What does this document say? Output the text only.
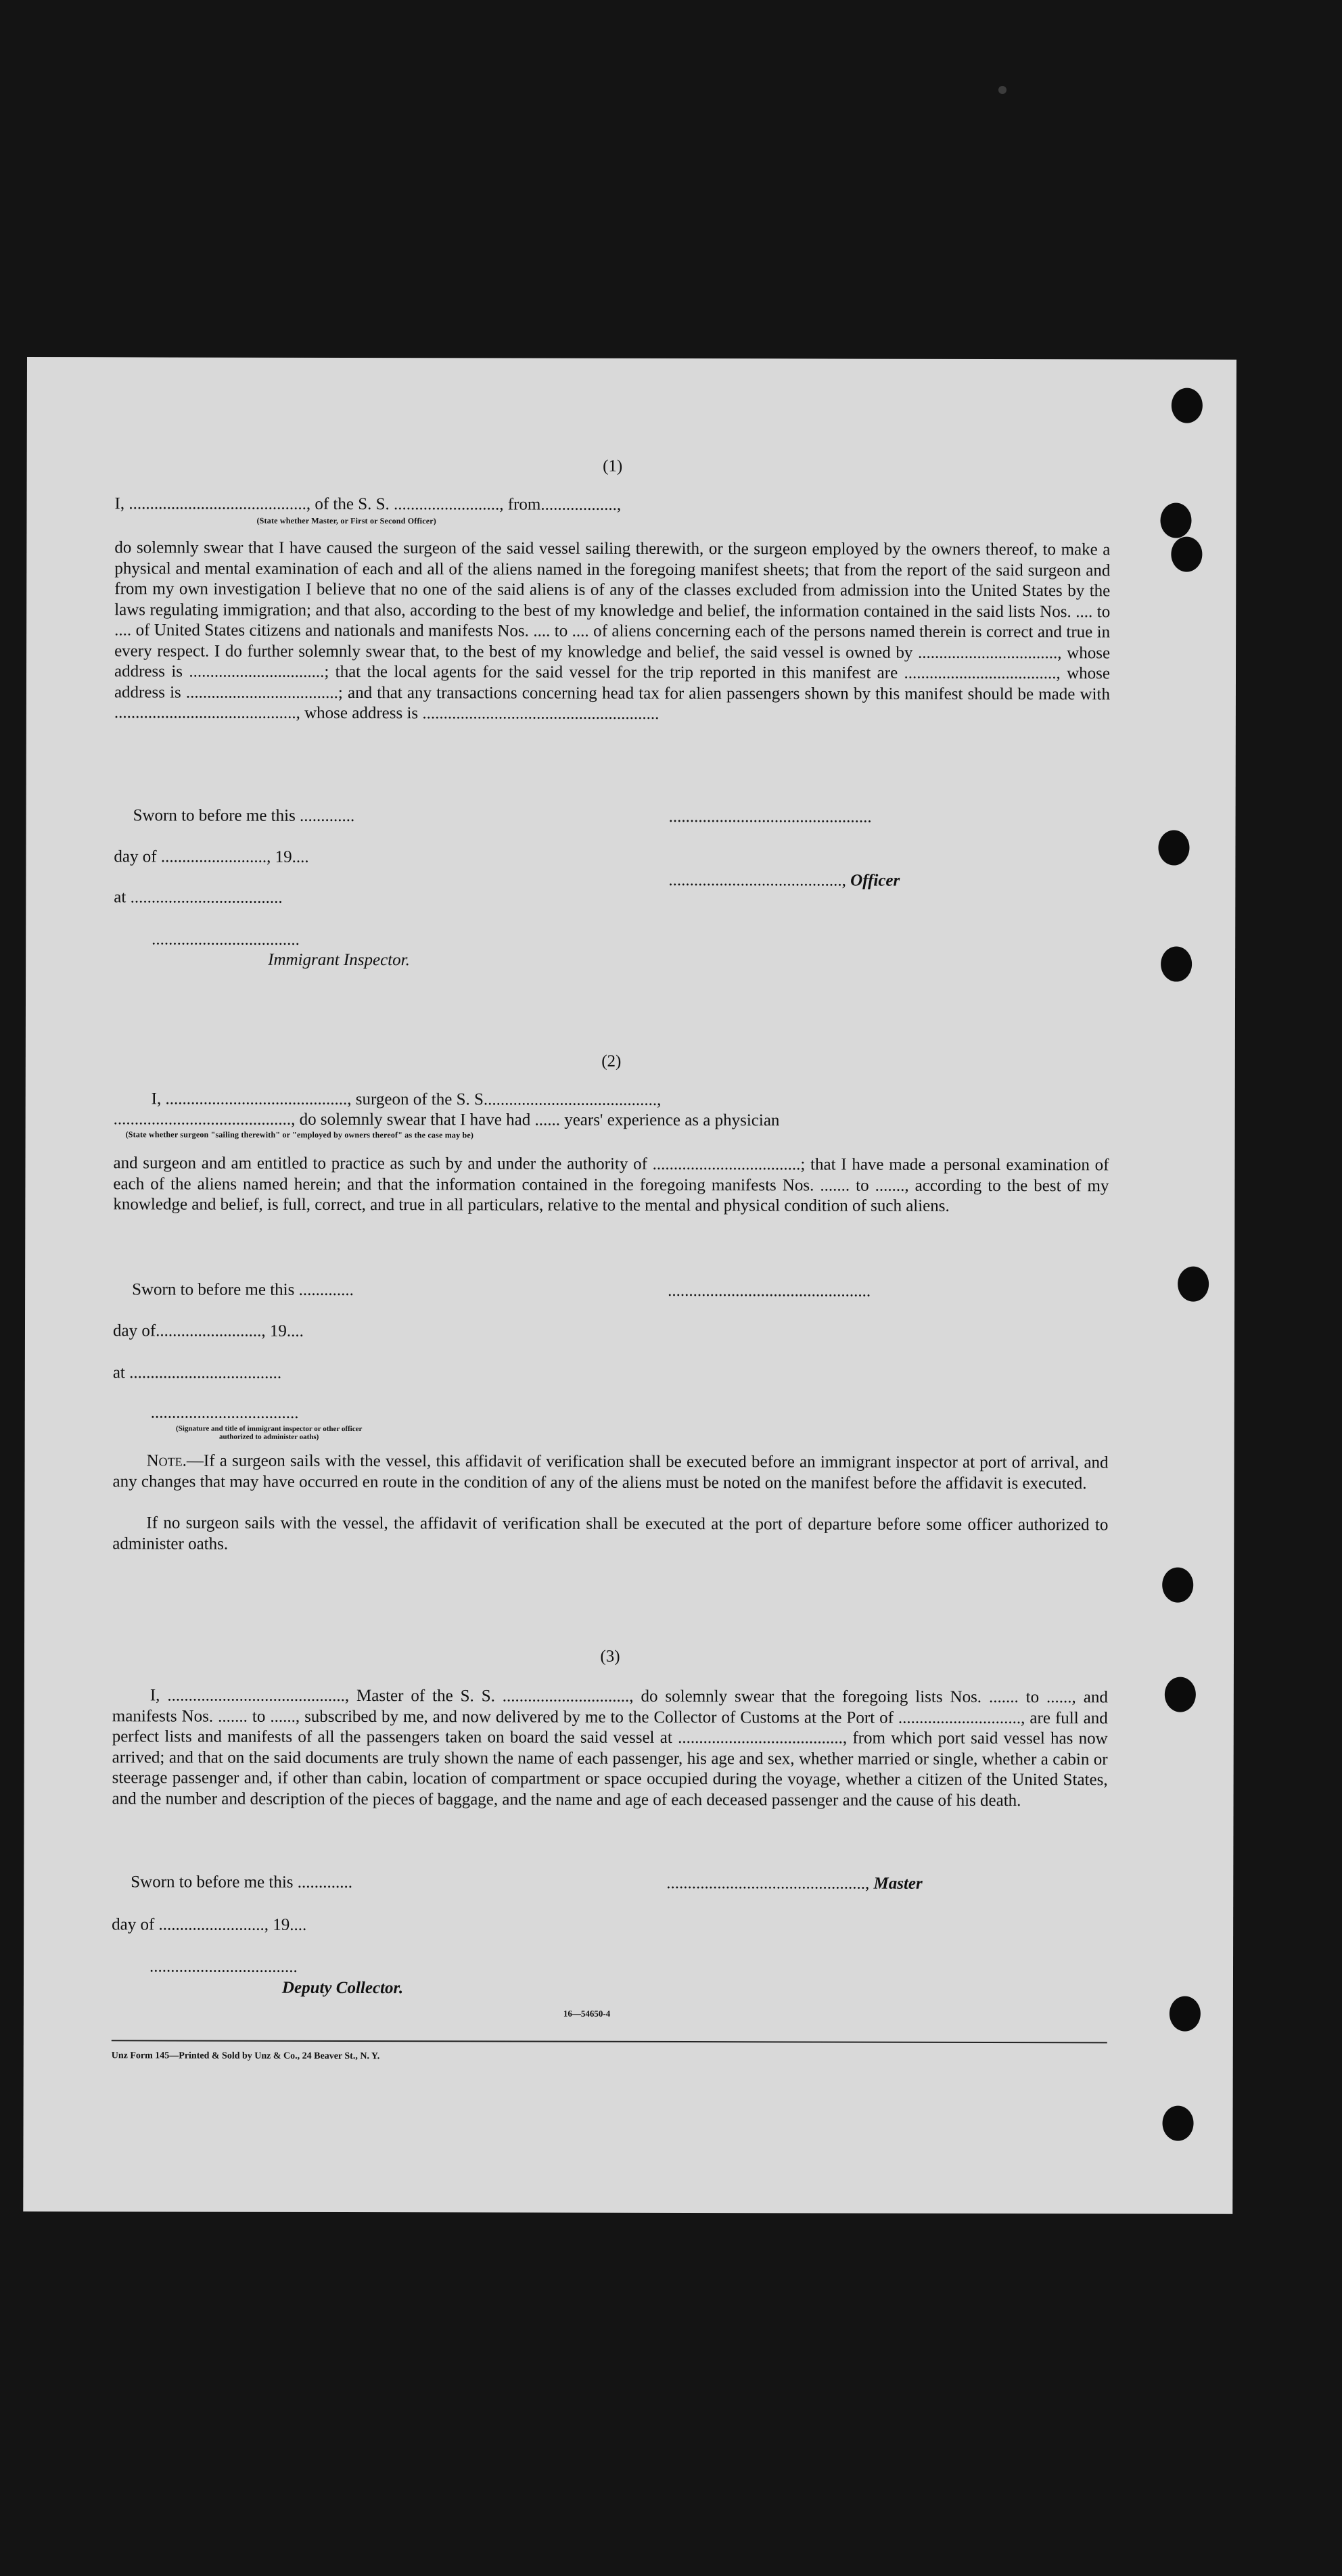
(1)
I, .........................................., of the S. S. ........................., from..................,
(State whether Master, or First or Second Officer)

do solemnly swear that I have caused the surgeon of the said vessel sailing therewith, or the surgeon employed by the owners thereof, to make a physical and mental examination of each and all of the aliens named in the foregoing manifest sheets; that from the report of the said surgeon and from my own investigation I believe that no one of the said aliens is of any of the classes excluded from admission into the United States by the laws regulating immigration; and that also, according to the best of my knowledge and belief, the information contained in the said lists Nos. .... to .... of United States citizens and nationals and manifests Nos. .... to .... of aliens concerning each of the persons named therein is correct and true in every respect. I do further solemnly swear that, to the best of my knowledge and belief, the said vessel is owned by ................................., whose address is ................................; that the local agents for the said vessel for the trip reported in this manifest are ...................................., whose address is ....................................; and that any transactions concerning head tax for alien passengers shown by this manifest should be made with ..........................................., whose address is ........................................................

Sworn to before me this .............	................................................
day of ........................., 19....
........................................., Officer
at ....................................
...................................
Immigrant Inspector.
(2)
I, ..........................................., surgeon of the S. S.........................................,
.........................................., do solemnly swear that I have had ...... years' experience as a physician
(State whether surgeon "sailing therewith" or "employed by owners thereof" as the case may be)

and surgeon and am entitled to practice as such by and under the authority of ...................................; that I have made a personal examination of each of the aliens named herein; and that the information contained in the foregoing manifests Nos. ....... to ......., according to the best of my knowledge and belief, is full, correct, and true in all particulars, relative to the mental and physical condition of such aliens.

Sworn to before me this .............	................................................
day of........................., 19....
at ....................................
...................................
(Signature and title of immigrant inspector or other officer authorized to administer oaths)

Note.—If a surgeon sails with the vessel, this affidavit of verification shall be executed before an immigrant inspector at port of arrival, and any changes that may have occurred en route in the condition of any of the aliens must be noted on the manifest before the affidavit is executed.

If no surgeon sails with the vessel, the affidavit of verification shall be executed at the port of departure before some officer authorized to administer oaths.

(3)

I, .........................................., Master of the S. S. .............................., do solemnly swear that the foregoing lists Nos. ....... to ......, and manifests Nos. ....... to ......, subscribed by me, and now delivered by me to the Collector of Customs at the Port of ............................., are full and perfect lists and manifests of all the passengers taken on board the said vessel at ......................................., from which port said vessel has now arrived; and that on the said documents are truly shown the name of each passenger, his age and sex, whether married or single, whether a cabin or steerage passenger and, if other than cabin, location of compartment or space occupied during the voyage, whether a citizen of the United States, and the number and description of the pieces of baggage, and the name and age of each deceased passenger and the cause of his death.

Sworn to before me this .............	..............................................., Master
day of ........................., 19....
...................................
Deputy Collector.
16—54650-4
Unz Form 145—Printed & Sold by Unz & Co., 24 Beaver St., N. Y.
